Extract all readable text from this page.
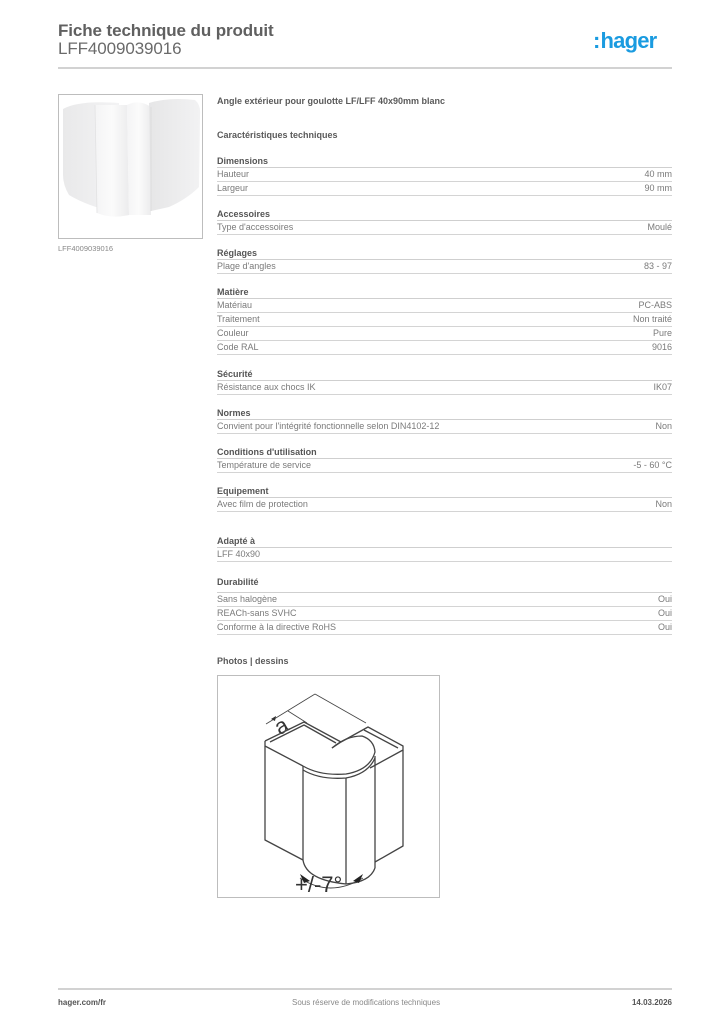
Fiche technique du produit
LFF4009039016	:hager
LFF4009039016
Angle extérieur pour goulotte LF/LFF 40x90mm blanc
Caractéristiques techniques
Dimensions
Hauteur	40 mm
Largeur	90 mm
Accessoires
Type d'accessoires	Moulé
Réglages
Plage d'angles	83 - 97
Matière
Matériau	PC-ABS
Traitement	Non traité
Couleur	Pure
Code RAL	9016
Sécurité
Résistance aux chocs IK	IK07
Normes
Convient pour l'intégrité fonctionnelle selon DIN4102-12	Non
Conditions d'utilisation
Température de service	-5 - 60 °C
Equipement
Avec film de protection	Non
Adapté à
LFF 40x90
Durabilité
Sans halogène	Oui
REACh-sans SVHC	Oui
Conforme à la directive RoHS	Oui
Photos | dessins
a
+/-7°
hager.com/fr	Sous réserve de modifications techniques	14.03.2026
